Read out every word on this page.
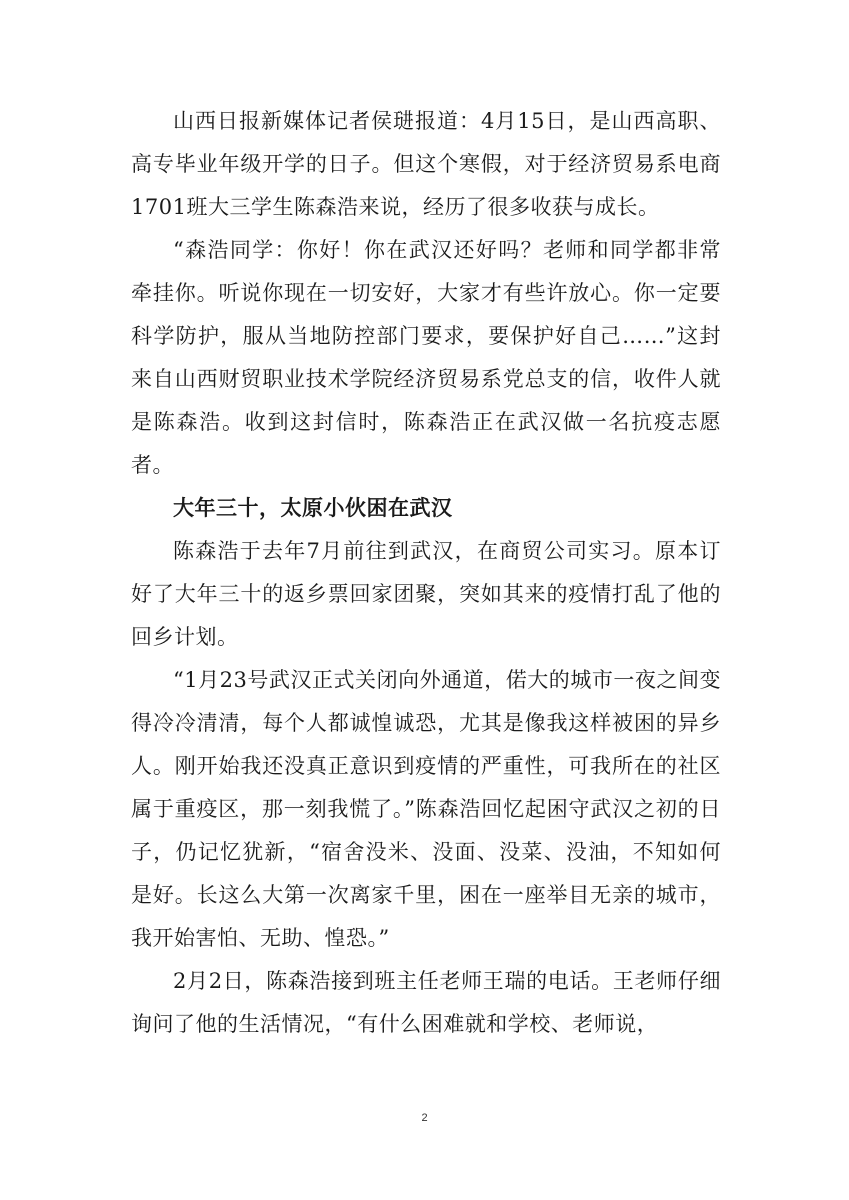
山西日报新媒体记者侯琎报道：4月15日，是山西高职、高专毕业年级开学的日子。但这个寒假，对于经济贸易系电商1701班大三学生陈森浩来说，经历了很多收获与成长。

“森浩同学：你好！你在武汉还好吗？老师和同学都非常牵挂你。听说你现在一切安好，大家才有些许放心。你一定要科学防护，服从当地防控部门要求，要保护好自己……”这封来自山西财贸职业技术学院经济贸易系党总支的信，收件人就是陈森浩。收到这封信时，陈森浩正在武汉做一名抗疫志愿者。

大年三十，太原小伙困在武汉

陈森浩于去年7月前往到武汉，在商贸公司实习。原本订好了大年三十的返乡票回家团聚，突如其来的疫情打乱了他的回乡计划。

“1月23号武汉正式关闭向外通道，偌大的城市一夜之间变得冷冷清清，每个人都诚惶诚恐，尤其是像我这样被困的异乡人。刚开始我还没真正意识到疫情的严重性，可我所在的社区属于重疫区，那一刻我慌了。”陈森浩回忆起困守武汉之初的日子，仍记忆犹新，“宿舍没米、没面、没菜、没油，不知如何是好。长这么大第一次离家千里，困在一座举目无亲的城市，我开始害怕、无助、惶恐。”

2月2日，陈森浩接到班主任老师王瑞的电话。王老师仔细询问了他的生活情况，“有什么困难就和学校、老师说，

2
